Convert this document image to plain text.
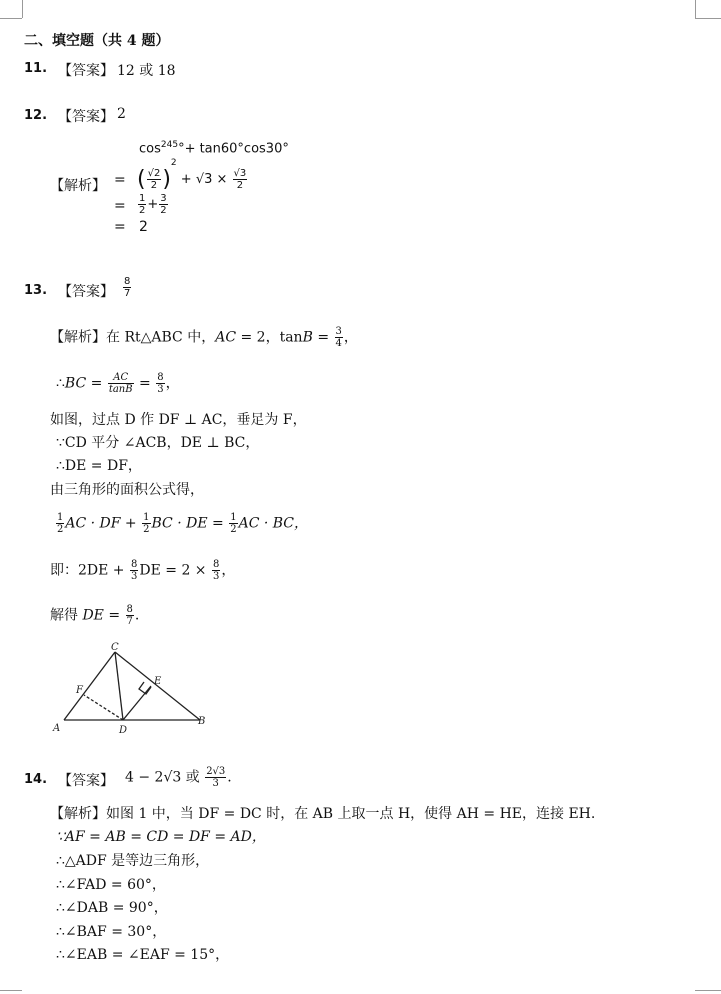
二、填空题（共 4 题）
11. 【答案】 12 或 18
12. 【答案】 2
$\cos^{245}^\circ+ \tan 60^\circ\cos 30^\circ$
【解析】 = ( $\frac{√2}{2} )^2 + √3 \times \frac{√3}{2}$
= $\frac{1}{2} + \frac{3}{2}$
= 2
13. 【答案】 $\frac{8}{7}$
【解析】在 Rt△ABC 中，AC = 2，$\tan B = \frac{3}{4}$ ，
∴BC = $\frac{AC}{\tan B} = \frac{8}{3}$ ，
如图，过点 D 作 DF ⊥ AC，垂足为 F，
∵CD 平分 ∠ACB，DE ⊥ BC，
∴DE = DF，
由三角形的面积公式得，
$\frac{1}{2}$ AC · DF + $\frac{1}{2}$ BC · DE = $\frac{1}{2}$ AC · BC，
即：$2DE + \frac{8}{3}$ DE = $2 \times \frac{8}{3}$ ，
解得 DE = $\frac{8}{7}$ .
C
E
F
A	D
B
14. 【答案】 4 − 2√3 或 $\frac{2√3}{3}$ .
【解析】如图 1 中，当 DF = DC 时，在 AB 上取一点 H，使得 AH = HE，连接 EH.
∵AF = AB = CD = DF = AD，
∴△ADF 是等边三角形，
∴∠FAD = 60°，
∴∠DAB = 90°，
∴∠BAF = 30°，
∴∠EAB = ∠EAF = 15°，
